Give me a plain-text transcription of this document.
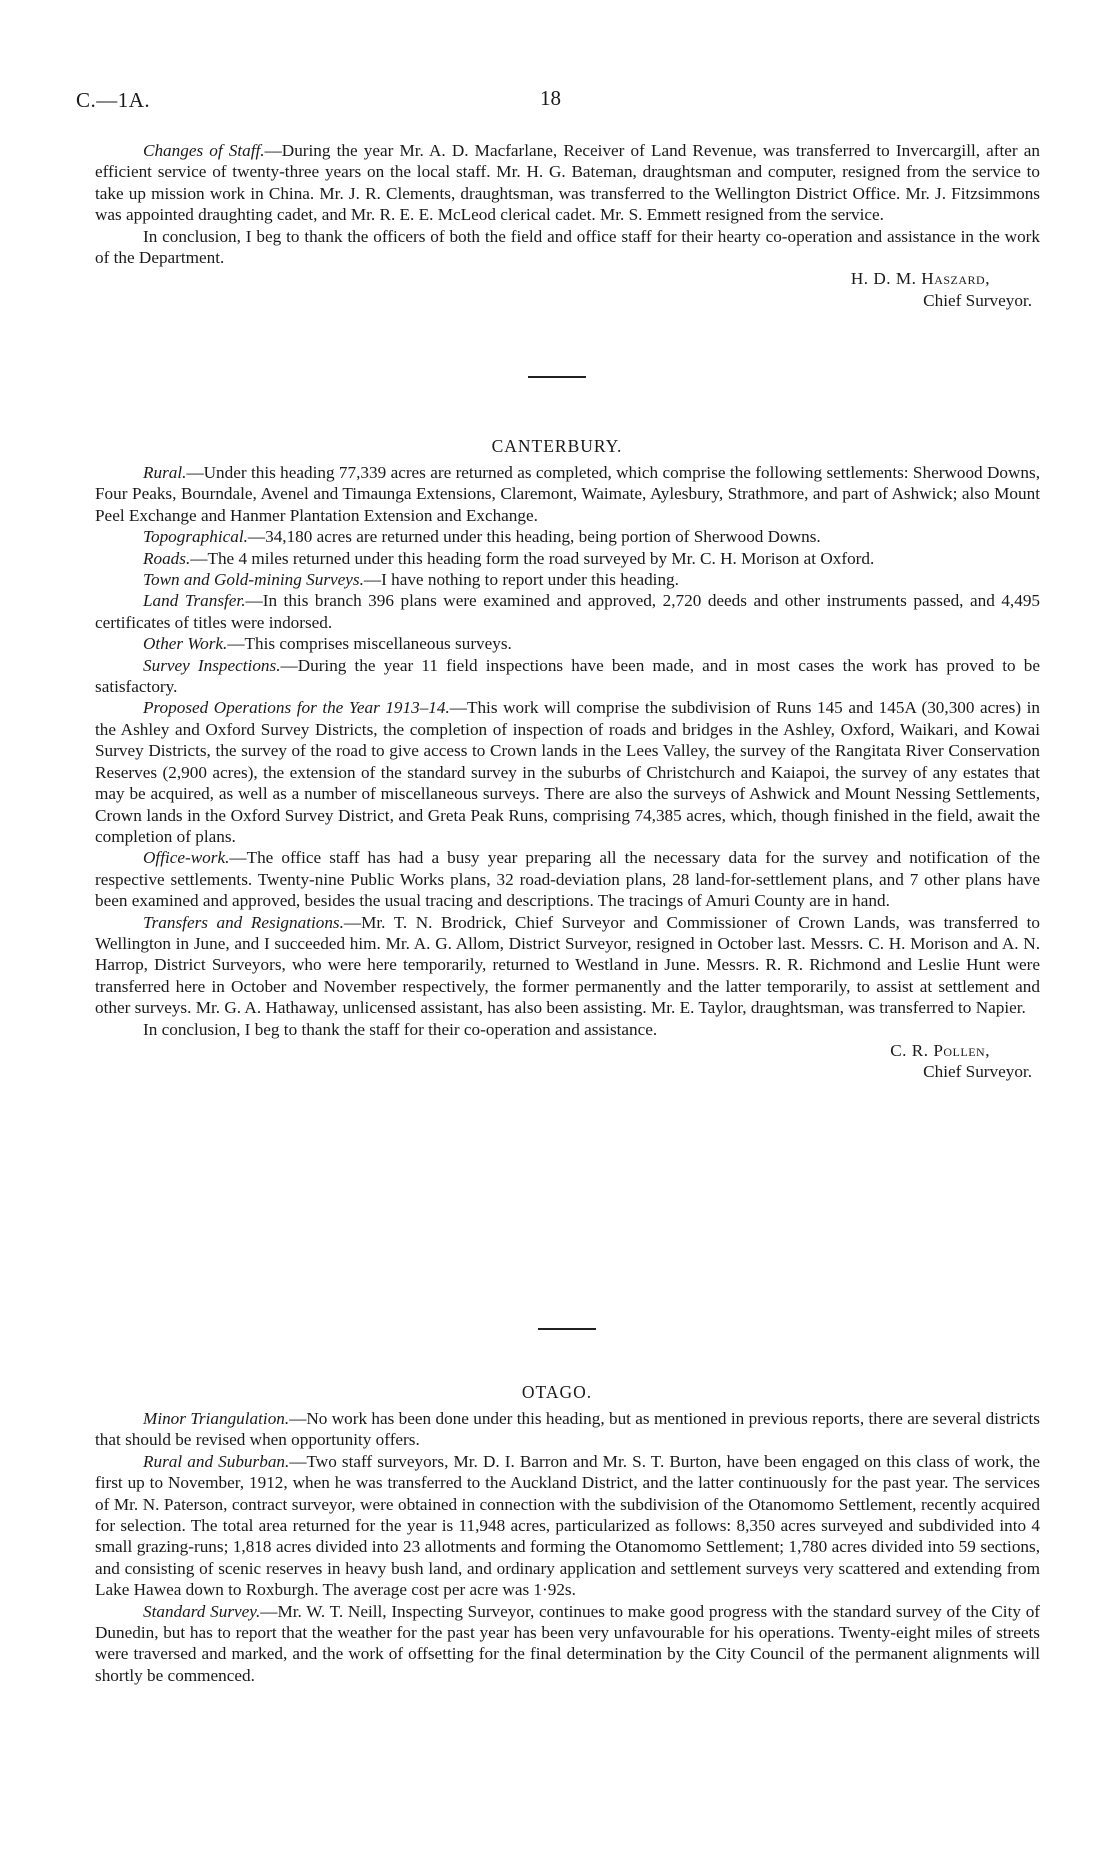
C.—1A.	18

Changes of Staff.—During the year Mr. A. D. Macfarlane, Receiver of Land Revenue, was transferred to Invercargill, after an efficient service of twenty-three years on the local staff. Mr. H. G. Bateman, draughtsman and computer, resigned from the service to take up mission work in China. Mr. J. R. Clements, draughtsman, was transferred to the Wellington District Office. Mr. J. Fitzsimmons was appointed draughting cadet, and Mr. R. E. E. McLeod clerical cadet. Mr. S. Emmett resigned from the service.

In conclusion, I beg to thank the officers of both the field and office staff for their hearty co-operation and assistance in the work of the Department.

H. D. M. Haszard,
Chief Surveyor.
CANTERBURY.

Rural.—Under this heading 77,339 acres are returned as completed, which comprise the following settlements: Sherwood Downs, Four Peaks, Bourndale, Avenel and Timaunga Extensions, Claremont, Waimate, Aylesbury, Strathmore, and part of Ashwick; also Mount Peel Exchange and Hanmer Plantation Extension and Exchange.

Topographical.—34,180 acres are returned under this heading, being portion of Sherwood Downs.

Roads.—The 4 miles returned under this heading form the road surveyed by Mr. C. H. Morison at Oxford.

Town and Gold-mining Surveys.—I have nothing to report under this heading.

Land Transfer.—In this branch 396 plans were examined and approved, 2,720 deeds and other instruments passed, and 4,495 certificates of titles were indorsed.

Other Work.—This comprises miscellaneous surveys.

Survey Inspections.—During the year 11 field inspections have been made, and in most cases the work has proved to be satisfactory.

Proposed Operations for the Year 1913–14.—This work will comprise the subdivision of Runs 145 and 145A (30,300 acres) in the Ashley and Oxford Survey Districts, the completion of inspection of roads and bridges in the Ashley, Oxford, Waikari, and Kowai Survey Districts, the survey of the road to give access to Crown lands in the Lees Valley, the survey of the Rangitata River Conservation Reserves (2,900 acres), the extension of the standard survey in the suburbs of Christchurch and Kaiapoi, the survey of any estates that may be acquired, as well as a number of miscellaneous surveys. There are also the surveys of Ashwick and Mount Nessing Settlements, Crown lands in the Oxford Survey District, and Greta Peak Runs, comprising 74,385 acres, which, though finished in the field, await the completion of plans.

Office-work.—The office staff has had a busy year preparing all the necessary data for the survey and notification of the respective settlements. Twenty-nine Public Works plans, 32 road-deviation plans, 28 land-for-settlement plans, and 7 other plans have been examined and approved, besides the usual tracing and descriptions. The tracings of Amuri County are in hand.

Transfers and Resignations.—Mr. T. N. Brodrick, Chief Surveyor and Commissioner of Crown Lands, was transferred to Wellington in June, and I succeeded him. Mr. A. G. Allom, District Surveyor, resigned in October last. Messrs. C. H. Morison and A. N. Harrop, District Surveyors, who were here temporarily, returned to Westland in June. Messrs. R. R. Richmond and Leslie Hunt were transferred here in October and November respectively, the former permanently and the latter temporarily, to assist at settlement and other surveys. Mr. G. A. Hathaway, unlicensed assistant, has also been assisting. Mr. E. Taylor, draughtsman, was transferred to Napier.

In conclusion, I beg to thank the staff for their co-operation and assistance.

C. R. Pollen,
Chief Surveyor.
OTAGO.

Minor Triangulation.—No work has been done under this heading, but as mentioned in previous reports, there are several districts that should be revised when opportunity offers.

Rural and Suburban.—Two staff surveyors, Mr. D. I. Barron and Mr. S. T. Burton, have been engaged on this class of work, the first up to November, 1912, when he was transferred to the Auckland District, and the latter continuously for the past year. The services of Mr. N. Paterson, contract surveyor, were obtained in connection with the subdivision of the Otanomomo Settlement, recently acquired for selection. The total area returned for the year is 11,948 acres, particularized as follows: 8,350 acres surveyed and subdivided into 4 small grazing-runs; 1,818 acres divided into 23 allotments and forming the Otanomomo Settlement; 1,780 acres divided into 59 sections, and consisting of scenic reserves in heavy bush land, and ordinary application and settlement surveys very scattered and extending from Lake Hawea down to Roxburgh. The average cost per acre was 1·92s.

Standard Survey.—Mr. W. T. Neill, Inspecting Surveyor, continues to make good progress with the standard survey of the City of Dunedin, but has to report that the weather for the past year has been very unfavourable for his operations. Twenty-eight miles of streets were traversed and marked, and the work of offsetting for the final determination by the City Council of the permanent alignments will shortly be commenced.
